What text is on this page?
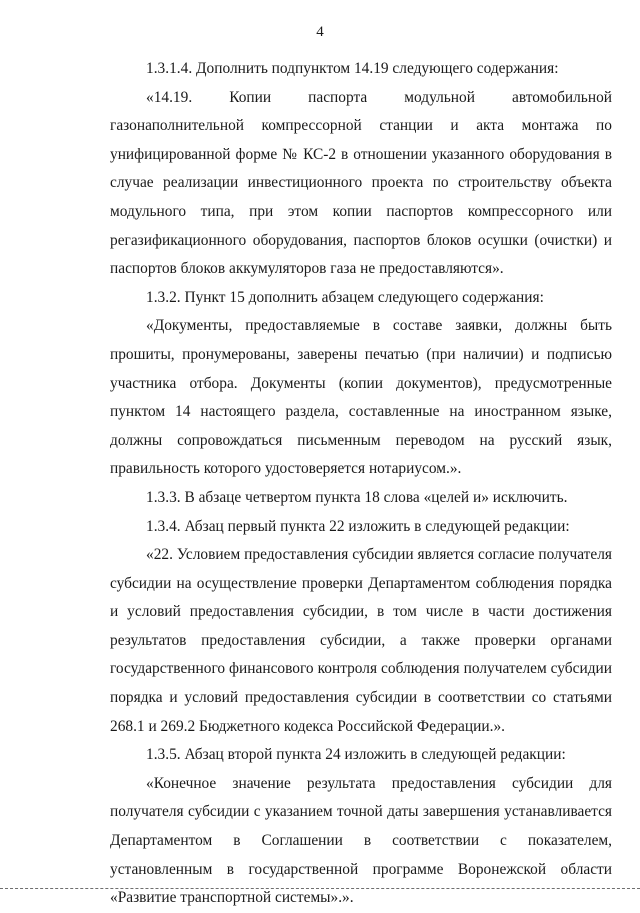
4

1.3.1.4. Дополнить подпунктом 14.19 следующего содержания:

«14.19. Копии паспорта модульной автомобильной газонаполнительной компрессорной станции и акта монтажа по унифицированной форме № КС-2 в отношении указанного оборудования в случае реализации инвестиционного проекта по строительству объекта модульного типа, при этом копии паспортов компрессорного или регазификационного оборудования, паспортов блоков осушки (очистки) и паспортов блоков аккумуляторов газа не предоставляются».

1.3.2. Пункт 15 дополнить абзацем следующего содержания:

«Документы, предоставляемые в составе заявки, должны быть прошиты, пронумерованы, заверены печатью (при наличии) и подписью участника отбора. Документы (копии документов), предусмотренные пунктом 14 настоящего раздела, составленные на иностранном языке, должны сопровождаться письменным переводом на русский язык, правильность которого удостоверяется нотариусом.».

1.3.3. В абзаце четвертом пункта 18 слова «целей и» исключить.

1.3.4. Абзац первый пункта 22 изложить в следующей редакции:

«22. Условием предоставления субсидии является согласие получателя субсидии на осуществление проверки Департаментом соблюдения порядка и условий предоставления субсидии, в том числе в части достижения результатов предоставления субсидии, а также проверки органами государственного финансового контроля соблюдения получателем субсидии порядка и условий предоставления субсидии в соответствии со статьями 268.1 и 269.2 Бюджетного кодекса Российской Федерации.».

1.3.5. Абзац второй пункта 24 изложить в следующей редакции:

«Конечное значение результата предоставления субсидии для получателя субсидии с указанием точной даты завершения устанавливается Департаментом в Соглашении в соответствии с показателем, установленным в государственной программе Воронежской области «Развитие транспортной системы».».
